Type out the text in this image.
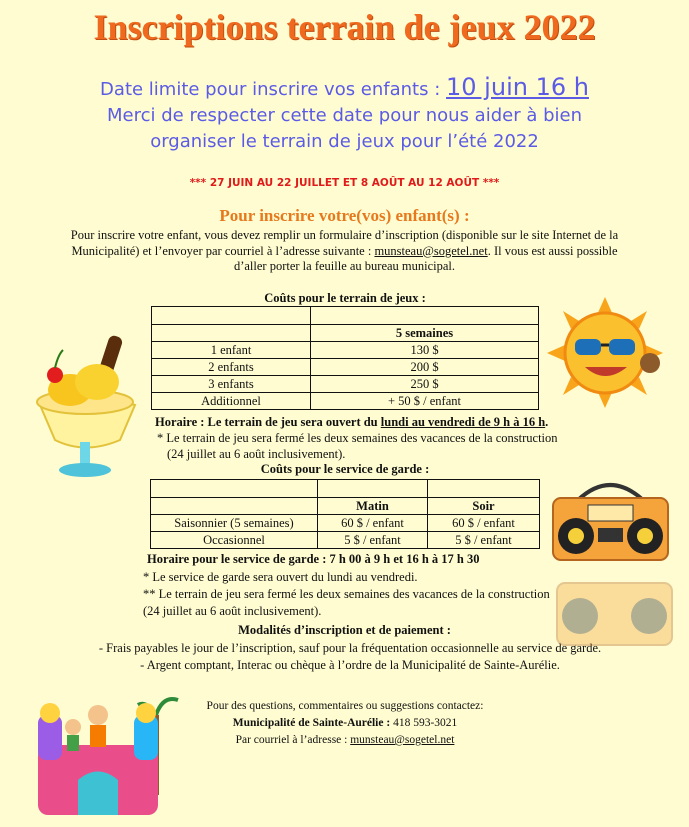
Inscriptions terrain de jeux 2022
Date limite pour inscrire vos enfants : 10 juin 16 h
Merci de respecter cette date pour nous aider à bien
organiser le terrain de jeux pour l’été 2022
*** 27 JUIN AU 22 JUILLET ET 8 AOÛT AU 12 AOÛT ***
Pour inscrire votre(vos) enfant(s) :
Pour inscrire votre enfant, vous devez remplir un formulaire d’inscription (disponible sur le site Internet de la Municipalité) et l’envoyer par courriel à l’adresse suivante : munsteau@sogetel.net. Il vous est aussi possible d’aller porter la feuille au bureau municipal.
Coûts pour le terrain de jeux :

	5 semaines
1 enfant	130 $
2 enfants	200 $
3 enfants	250 $
Additionnel	+ 50 $ / enfant
Horaire : Le terrain de jeu sera ouvert du lundi au vendredi de 9 h à 16 h.
* Le terrain de jeu sera fermé les deux semaines des vacances de la construction
(24 juillet au 6 août inclusivement).
Coûts pour le service de garde :

	Matin	Soir
Saisonnier (5 semaines)	60 $ / enfant	60 $ / enfant
Occasionnel	5 $ / enfant	5 $ / enfant
Horaire pour le service de garde : 7 h 00 à 9 h et 16 h à 17 h 30
* Le service de garde sera ouvert du lundi au vendredi.
** Le terrain de jeu sera fermé les deux semaines des vacances de la construction
(24 juillet au 6 août inclusivement).
Modalités d’inscription et de paiement :
- Frais payables le jour de l’inscription, sauf pour la fréquentation occasionnelle au service de garde.
- Argent comptant, Interac ou chèque à l’ordre de la Municipalité de Sainte-Aurélie.
Pour des questions, commentaires ou suggestions contactez:
Municipalité de Sainte-Aurélie : 418 593-3021
Par courriel à l’adresse : munsteau@sogetel.net
